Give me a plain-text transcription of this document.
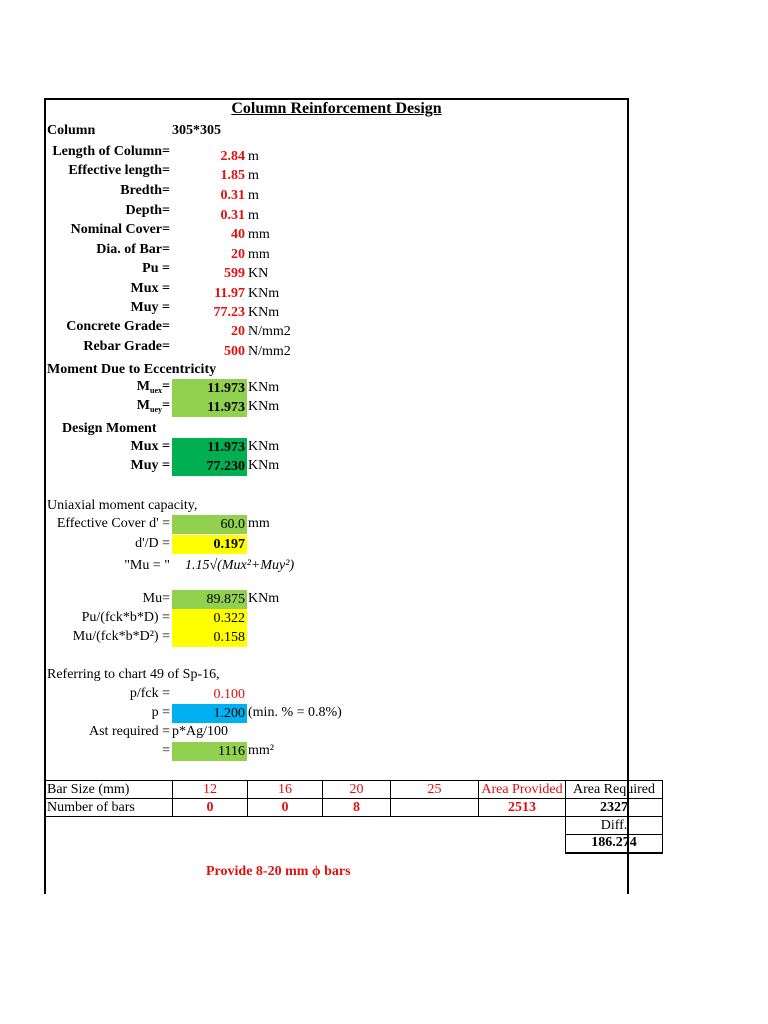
Column Reinforcement Design
Column	305*305
Length of Column=	2.84 m
Effective length=	1.85 m
Bredth=	0.31 m
Depth=	0.31 m
Nominal Cover=	40 mm
Dia. of Bar=	20 mm
Pu =	599 KN
Mux =	11.97 KNm
Muy =	77.23 KNm
Concrete Grade=	20 N/mm2
Rebar Grade=	500 N/mm2
Moment Due to Eccentricity
$M_{uex}=$	11.973 KNm
$M_{uey}=$	11.973 KNm
Design Moment
Mux =	11.973 KNm
Muy =	77.230 KNm
Uniaxial moment capacity,
Effective Cover d' =	60.0 mm
d'/D =	0.197
"Mu = " 1.15√(Mux²+Muy²)
Mu=	89.875 KNm
Pu/(fck*b*D) =	0.322
Mu/(fck*b*D²) =	0.158
Referring to chart 49 of Sp-16,
p/fck =	0.100
p =	1.200 (min. % = 0.8%)
Ast required = p*Ag/100
=	1116 mm²
Bar Size (mm)	12	16	20	25	Area Provided	Area Required
Number of bars	0	0	8		2513	2327
						Diff.
						186.274
Provide 8-20 mm ϕ bars
